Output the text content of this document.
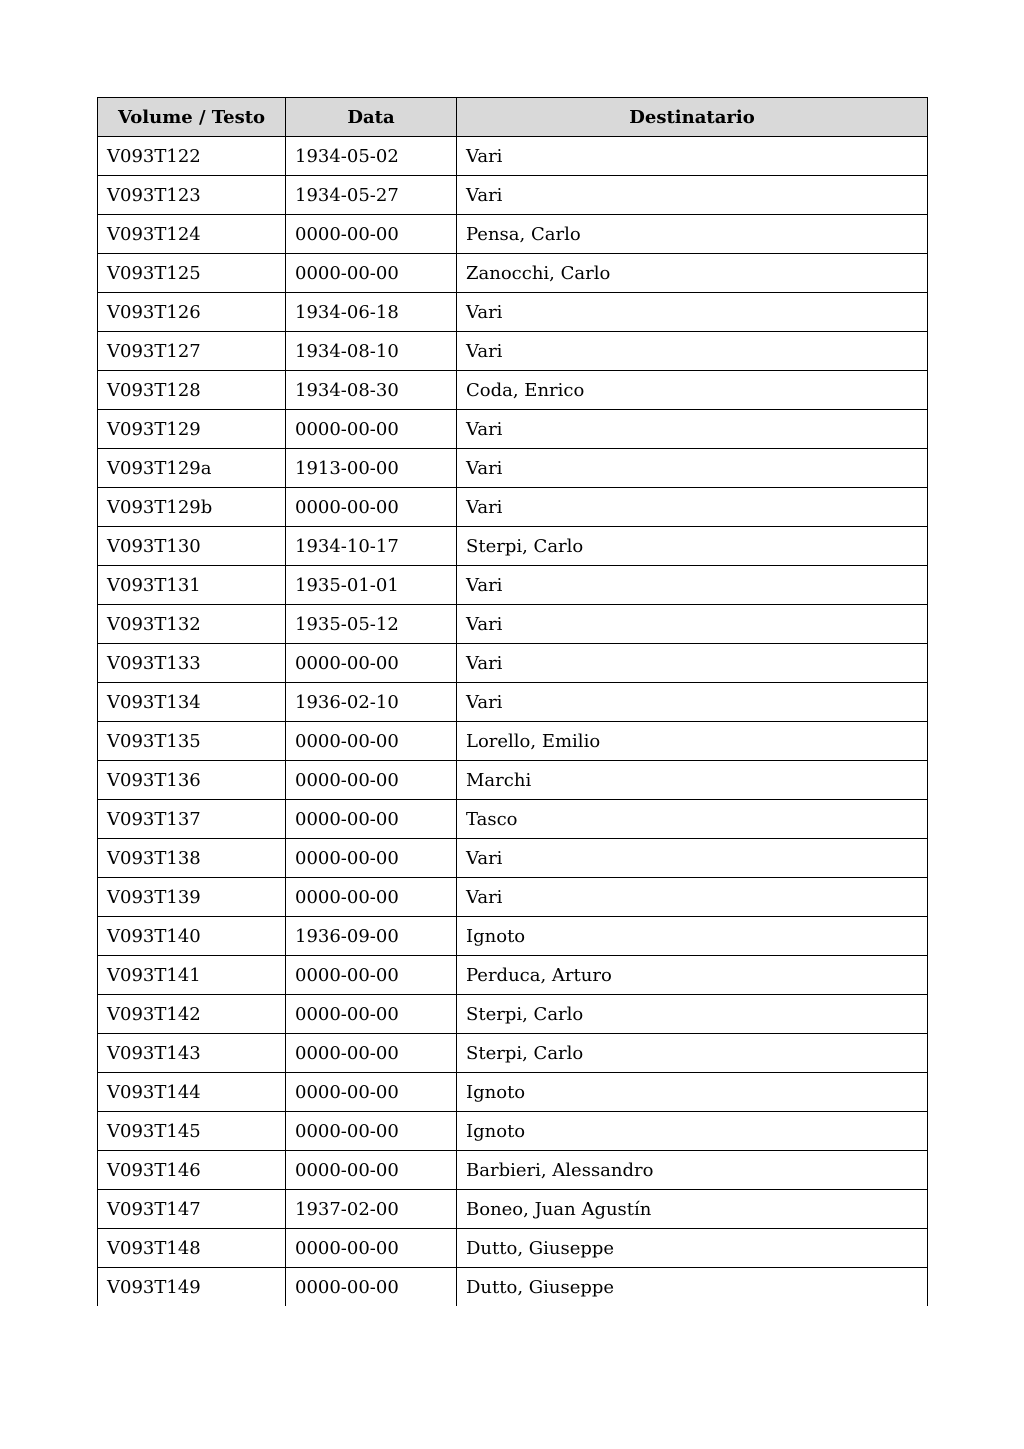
Volume / Testo	Data	Destinatario
V093T122	1934-05-02	Vari
V093T123	1934-05-27	Vari
V093T124	0000-00-00	Pensa, Carlo
V093T125	0000-00-00	Zanocchi, Carlo
V093T126	1934-06-18	Vari
V093T127	1934-08-10	Vari
V093T128	1934-08-30	Coda, Enrico
V093T129	0000-00-00	Vari
V093T129a	1913-00-00	Vari
V093T129b	0000-00-00	Vari
V093T130	1934-10-17	Sterpi, Carlo
V093T131	1935-01-01	Vari
V093T132	1935-05-12	Vari
V093T133	0000-00-00	Vari
V093T134	1936-02-10	Vari
V093T135	0000-00-00	Lorello, Emilio
V093T136	0000-00-00	Marchi
V093T137	0000-00-00	Tasco
V093T138	0000-00-00	Vari
V093T139	0000-00-00	Vari
V093T140	1936-09-00	Ignoto
V093T141	0000-00-00	Perduca, Arturo
V093T142	0000-00-00	Sterpi, Carlo
V093T143	0000-00-00	Sterpi, Carlo
V093T144	0000-00-00	Ignoto
V093T145	0000-00-00	Ignoto
V093T146	0000-00-00	Barbieri, Alessandro
V093T147	1937-02-00	Boneo, Juan Agustín
V093T148	0000-00-00	Dutto, Giuseppe
V093T149	0000-00-00	Dutto, Giuseppe
